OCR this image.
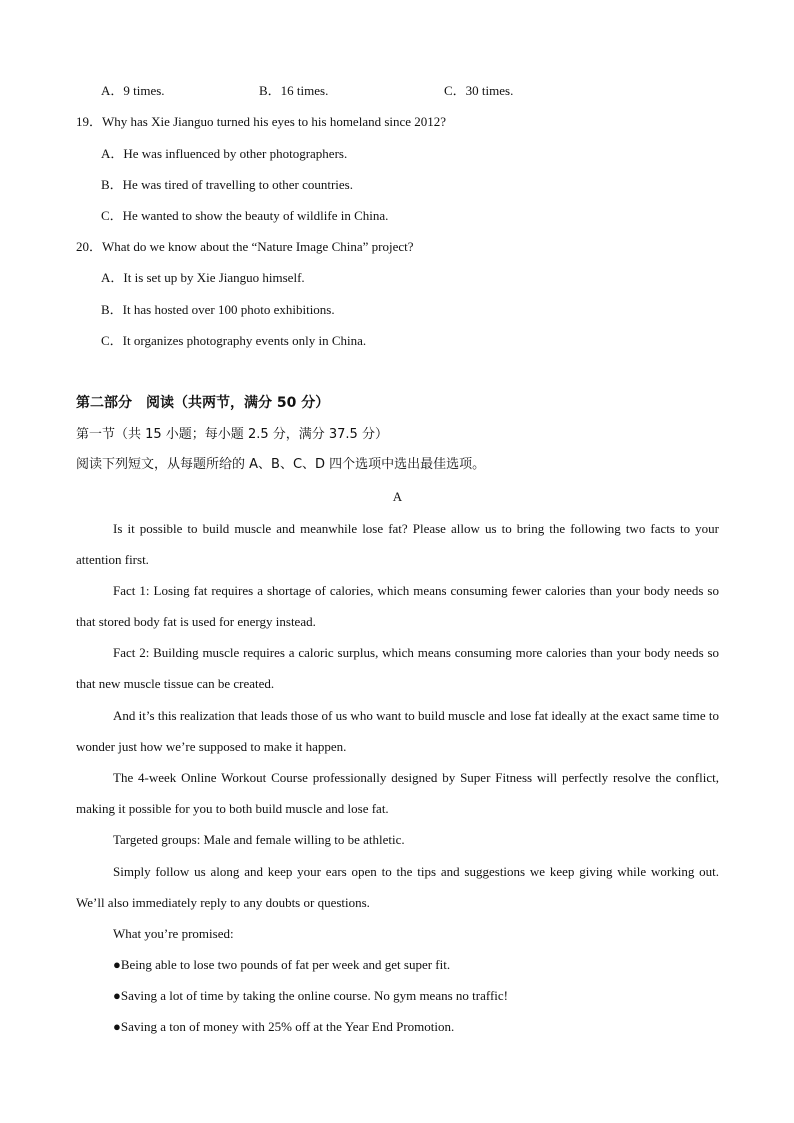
A．9 times.	B．16 times.	C．30 times.
19．Why has Xie Jianguo turned his eyes to his homeland since 2012?
A．He was influenced by other photographers.
B．He was tired of travelling to other countries.
C．He wanted to show the beauty of wildlife in China.
20．What do we know about the “Nature Image China” project?
A．It is set up by Xie Jianguo himself.
B．It has hosted over 100 photo exhibitions.
C．It organizes photography events only in China.
第二部分　阅读（共两节，满分 50 分）
第一节（共 15 小题；每小题 2.5 分，满分 37.5 分）
阅读下列短文，从每题所给的 A、B、C、D 四个选项中选出最佳选项。
A
Is it possible to build muscle and meanwhile lose fat? Please allow us to bring the following two facts to your attention first.
Fact 1: Losing fat requires a shortage of calories, which means consuming fewer calories than your body needs so that stored body fat is used for energy instead.
Fact 2: Building muscle requires a caloric surplus, which means consuming more calories than your body needs so that new muscle tissue can be created.
And it’s this realization that leads those of us who want to build muscle and lose fat ideally at the exact same time to wonder just how we’re supposed to make it happen.
The 4-week Online Workout Course professionally designed by Super Fitness will perfectly resolve the conflict, making it possible for you to both build muscle and lose fat.
Targeted groups: Male and female willing to be athletic.
Simply follow us along and keep your ears open to the tips and suggestions we keep giving while working out. We’ll also immediately reply to any doubts or questions.
What you’re promised:
●Being able to lose two pounds of fat per week and get super fit.
●Saving a lot of time by taking the online course. No gym means no traffic!
●Saving a ton of money with 25% off at the Year End Promotion.
